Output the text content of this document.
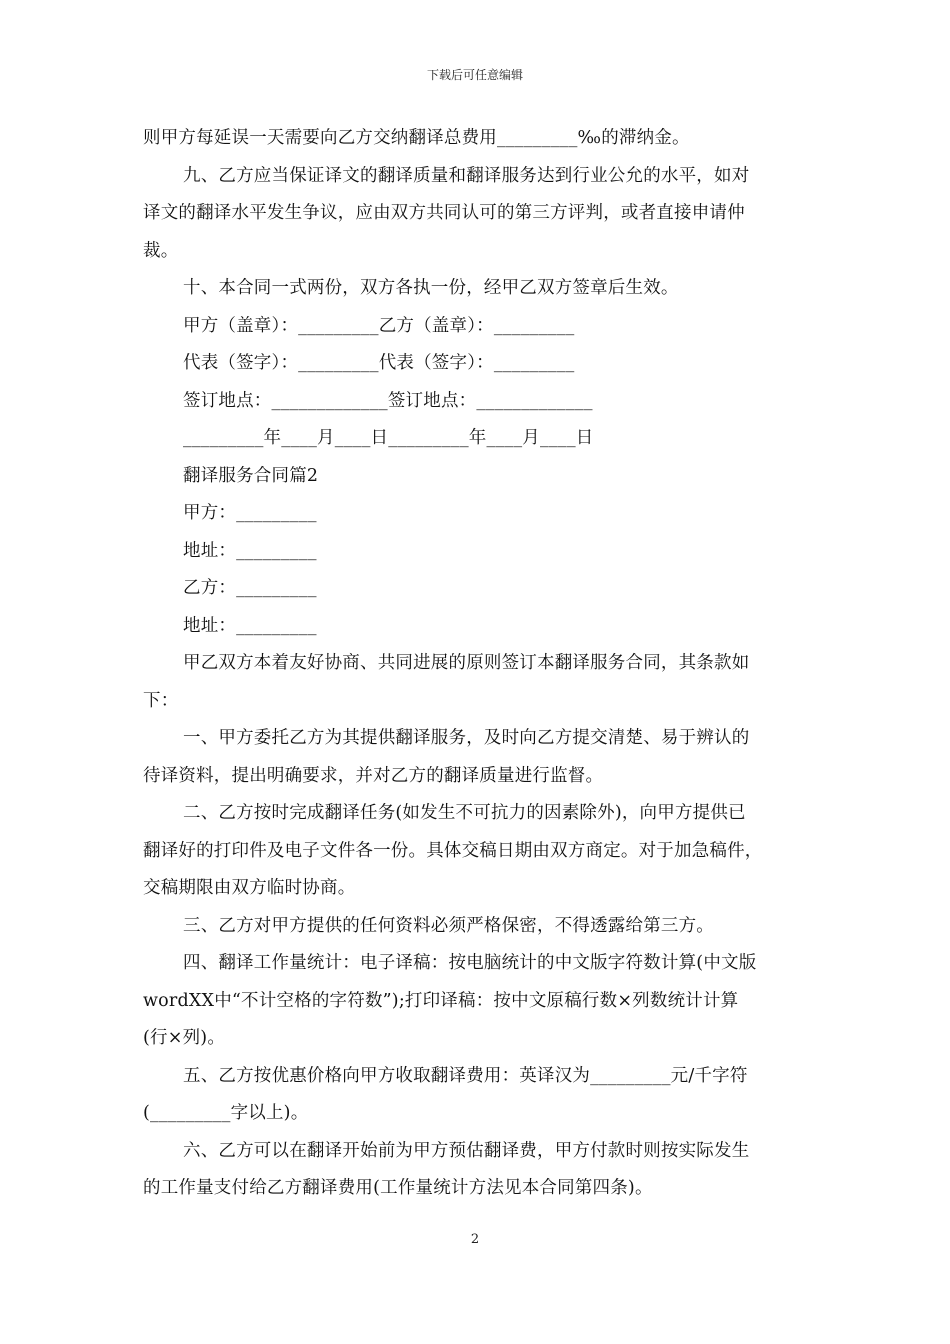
下载后可任意编辑
则甲方每延误一天需要向乙方交纳翻译总费用_________‰的滞纳金。
九、乙方应当保证译文的翻译质量和翻译服务达到行业公允的水平，如对
译文的翻译水平发生争议，应由双方共同认可的第三方评判，或者直接申请仲
裁。
十、本合同一式两份，双方各执一份，经甲乙双方签章后生效。
甲方（盖章）：_________乙方（盖章）：_________
代表（签字）：_________代表（签字）：_________
签订地点：_____________签订地点：_____________
_________年____月____日_________年____月____日
翻译服务合同篇2
甲方：_________
地址：_________
乙方：_________
地址：_________
甲乙双方本着友好协商、共同进展的原则签订本翻译服务合同，其条款如
下：
一、甲方委托乙方为其提供翻译服务，及时向乙方提交清楚、易于辨认的
待译资料，提出明确要求，并对乙方的翻译质量进行监督。
二、乙方按时完成翻译任务(如发生不可抗力的因素除外)，向甲方提供已
翻译好的打印件及电子文件各一份。具体交稿日期由双方商定。对于加急稿件，
交稿期限由双方临时协商。
三、乙方对甲方提供的任何资料必须严格保密，不得透露给第三方。
四、翻译工作量统计：电子译稿：按电脑统计的中文版字符数计算(中文版
wordXX中“不计空格的字符数”);打印译稿：按中文原稿行数×列数统计计算
(行×列)。
五、乙方按优惠价格向甲方收取翻译费用：英译汉为_________元/千字符
(_________字以上)。
六、乙方可以在翻译开始前为甲方预估翻译费，甲方付款时则按实际发生
的工作量支付给乙方翻译费用(工作量统计方法见本合同第四条)。
2
